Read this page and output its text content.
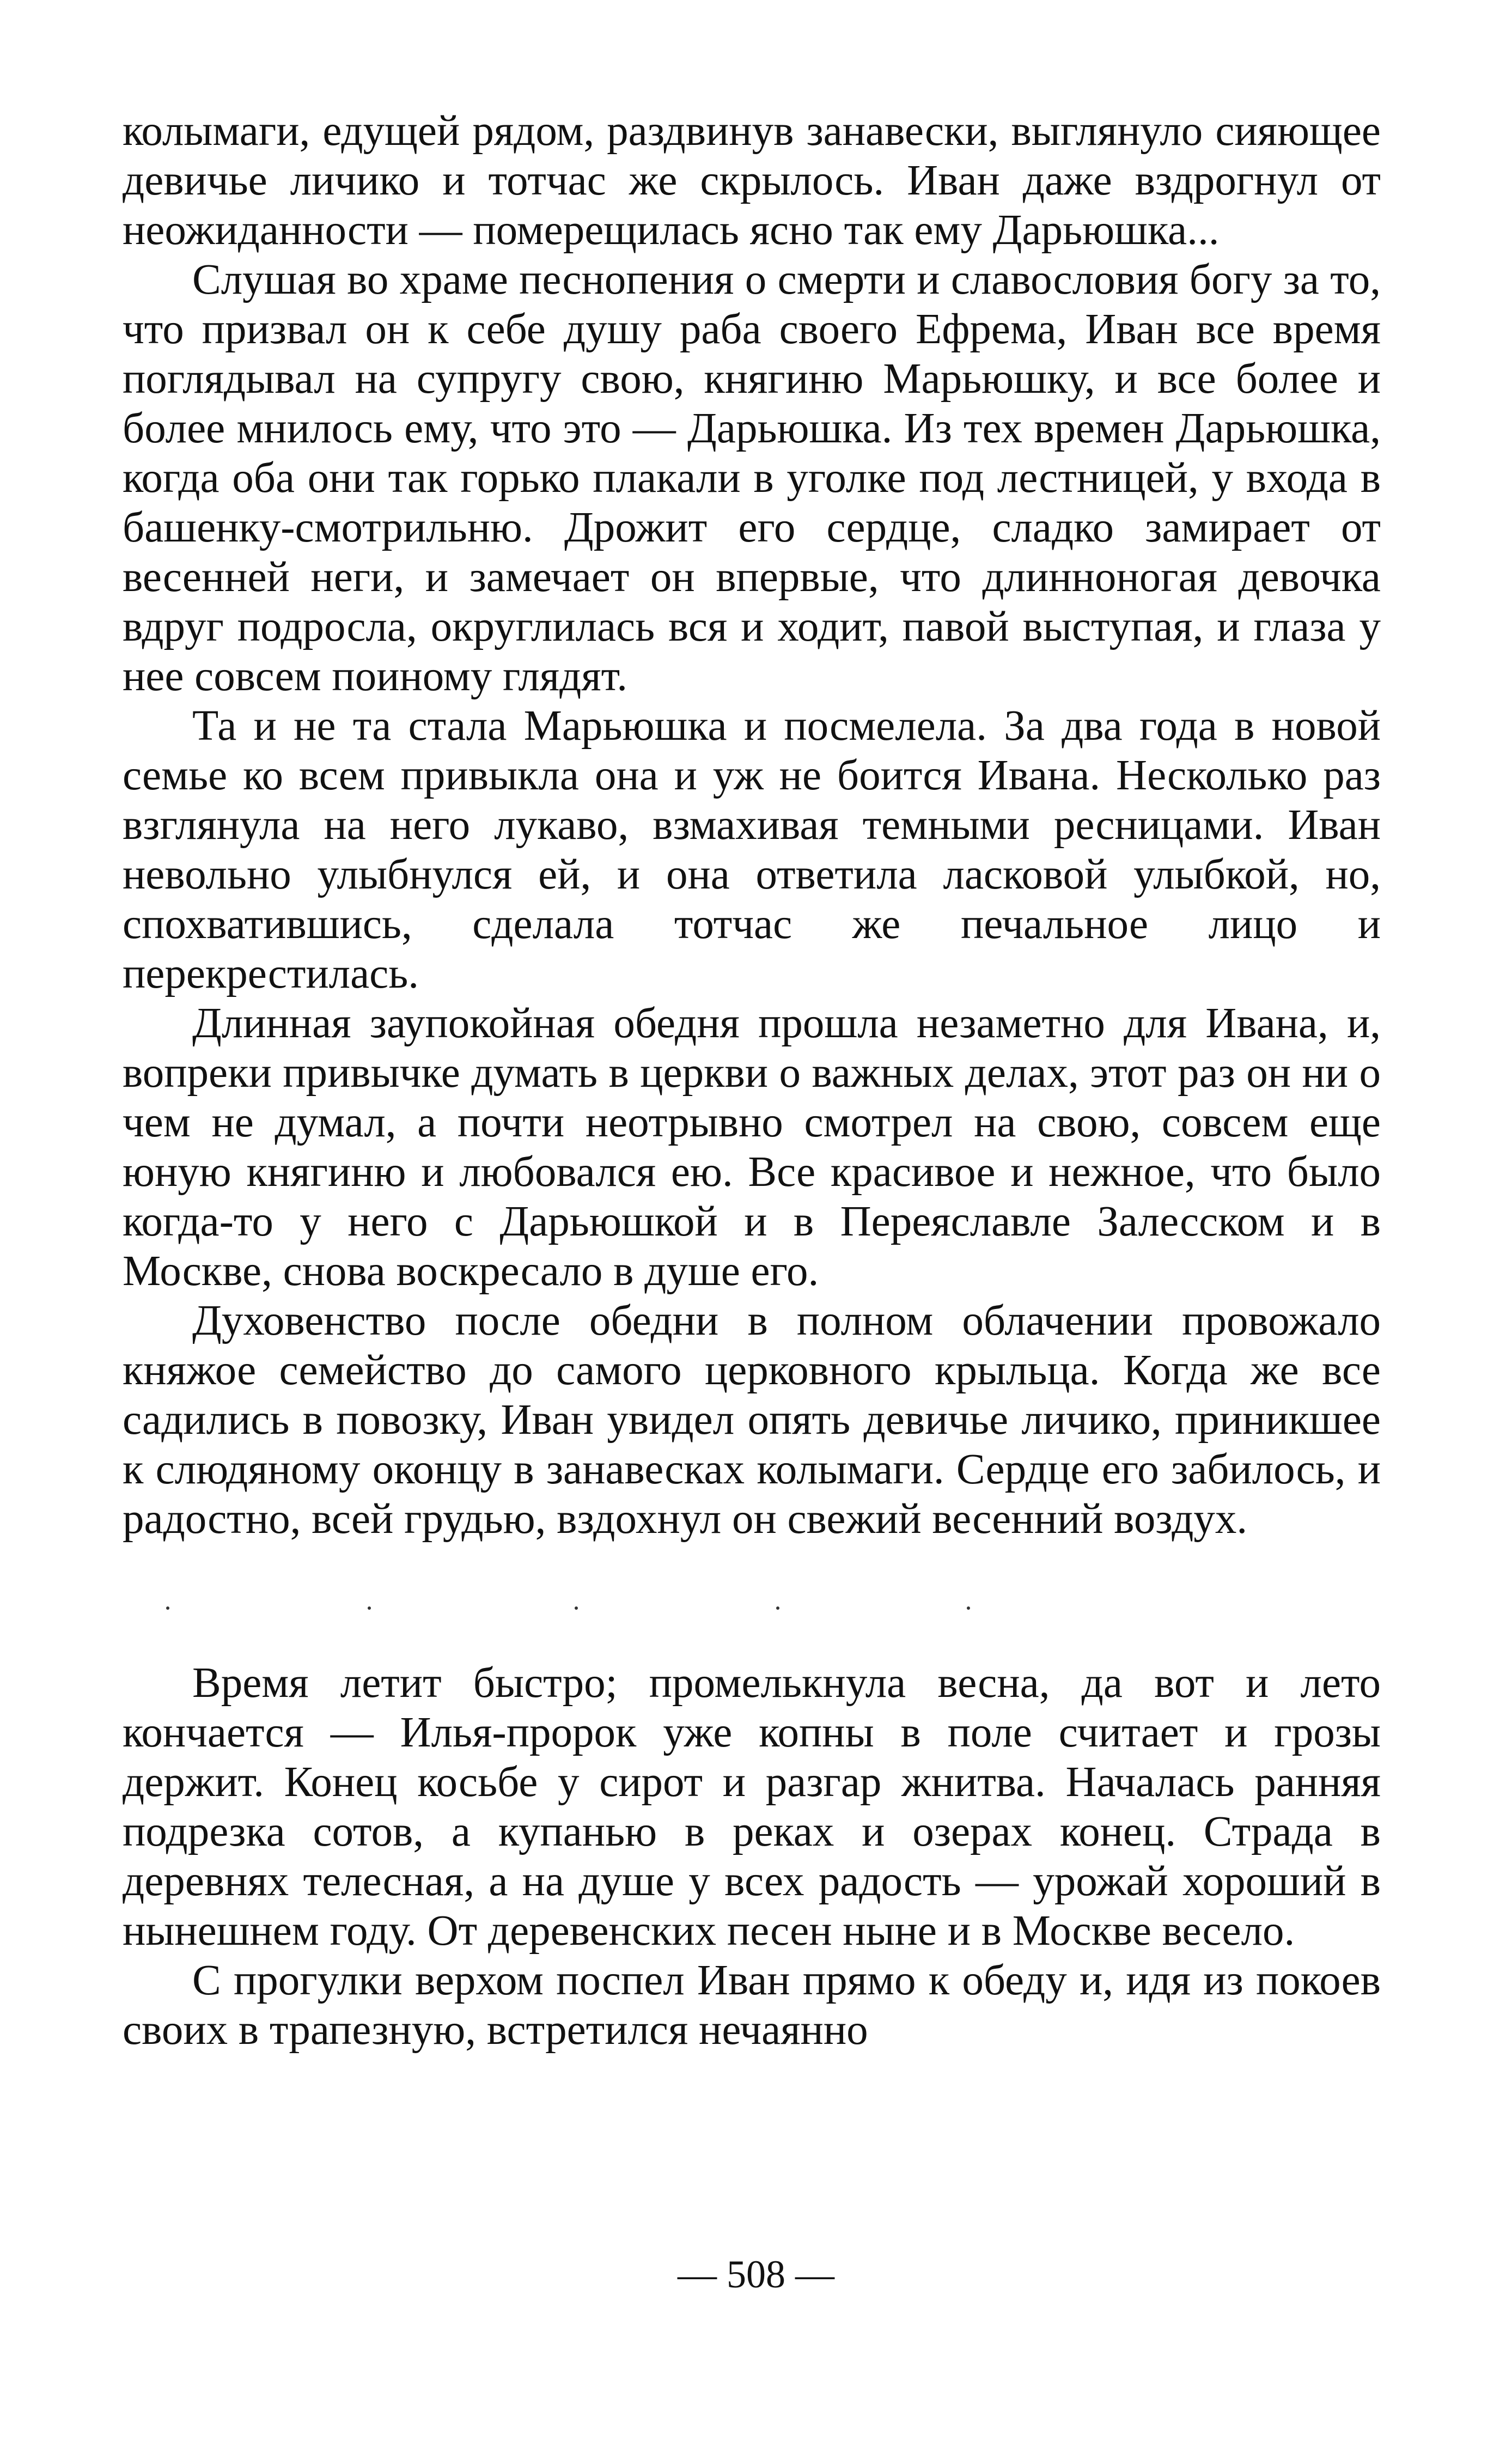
колымаги, едущей рядом, раздвинув занавески, выглянуло сияющее девичье личико и тотчас же скрылось. Иван даже вздрогнул от неожиданности — померещилась ясно так ему Дарьюшка...

Слушая во храме песнопения о смерти и славословия богу за то, что призвал он к себе душу раба своего Ефрема, Иван все время поглядывал на супругу свою, княгиню Марьюшку, и все более и более мнилось ему, что это — Дарьюшка. Из тех времен Дарьюшка, когда оба они так горько плакали в уголке под лестницей, у входа в башенку-смотрильню. Дрожит его сердце, сладко замирает от весенней неги, и замечает он впервые, что длинноногая девочка вдруг подросла, округлилась вся и ходит, павой выступая, и глаза у нее совсем поиному глядят.

Та и не та стала Марьюшка и посмелела. За два года в новой семье ко всем привыкла она и уж не боится Ивана. Несколько раз взглянула на него лукаво, взмахивая темными ресницами. Иван невольно улыбнулся ей, и она ответила ласковой улыбкой, но, спохватившись, сделала тотчас же печальное лицо и перекрестилась.

Длинная заупокойная обедня прошла незаметно для Ивана, и, вопреки привычке думать в церкви о важных делах, этот раз он ни о чем не думал, а почти неотрывно смотрел на свою, совсем еще юную княгиню и любовался ею. Все красивое и нежное, что было когда-то у него с Дарьюшкой и в Переяславле Залесском и в Москве, снова воскресало в душе его.

Духовенство после обедни в полном облачении провожало княжое семейство до самого церковного крыльца. Когда же все садились в повозку, Иван увидел опять девичье личико, приникшее к слюдяному оконцу в занавесках колымаги. Сердце его забилось, и радостно, всей грудью, вздохнул он свежий весенний воздух.

Время летит быстро; промелькнула весна, да вот и лето кончается — Илья-пророк уже копны в поле считает и грозы держит. Конец косьбе у сирот и разгар жнитва. Началась ранняя подрезка сотов, а купанью в реках и озерах конец. Страда в деревнях телесная, а на душе у всех радость — урожай хороший в нынешнем году. От деревенских песен ныне и в Москве весело.

С прогулки верхом поспел Иван прямо к обеду и, идя из покоев своих в трапезную, встретился нечаянно

— 508 —
